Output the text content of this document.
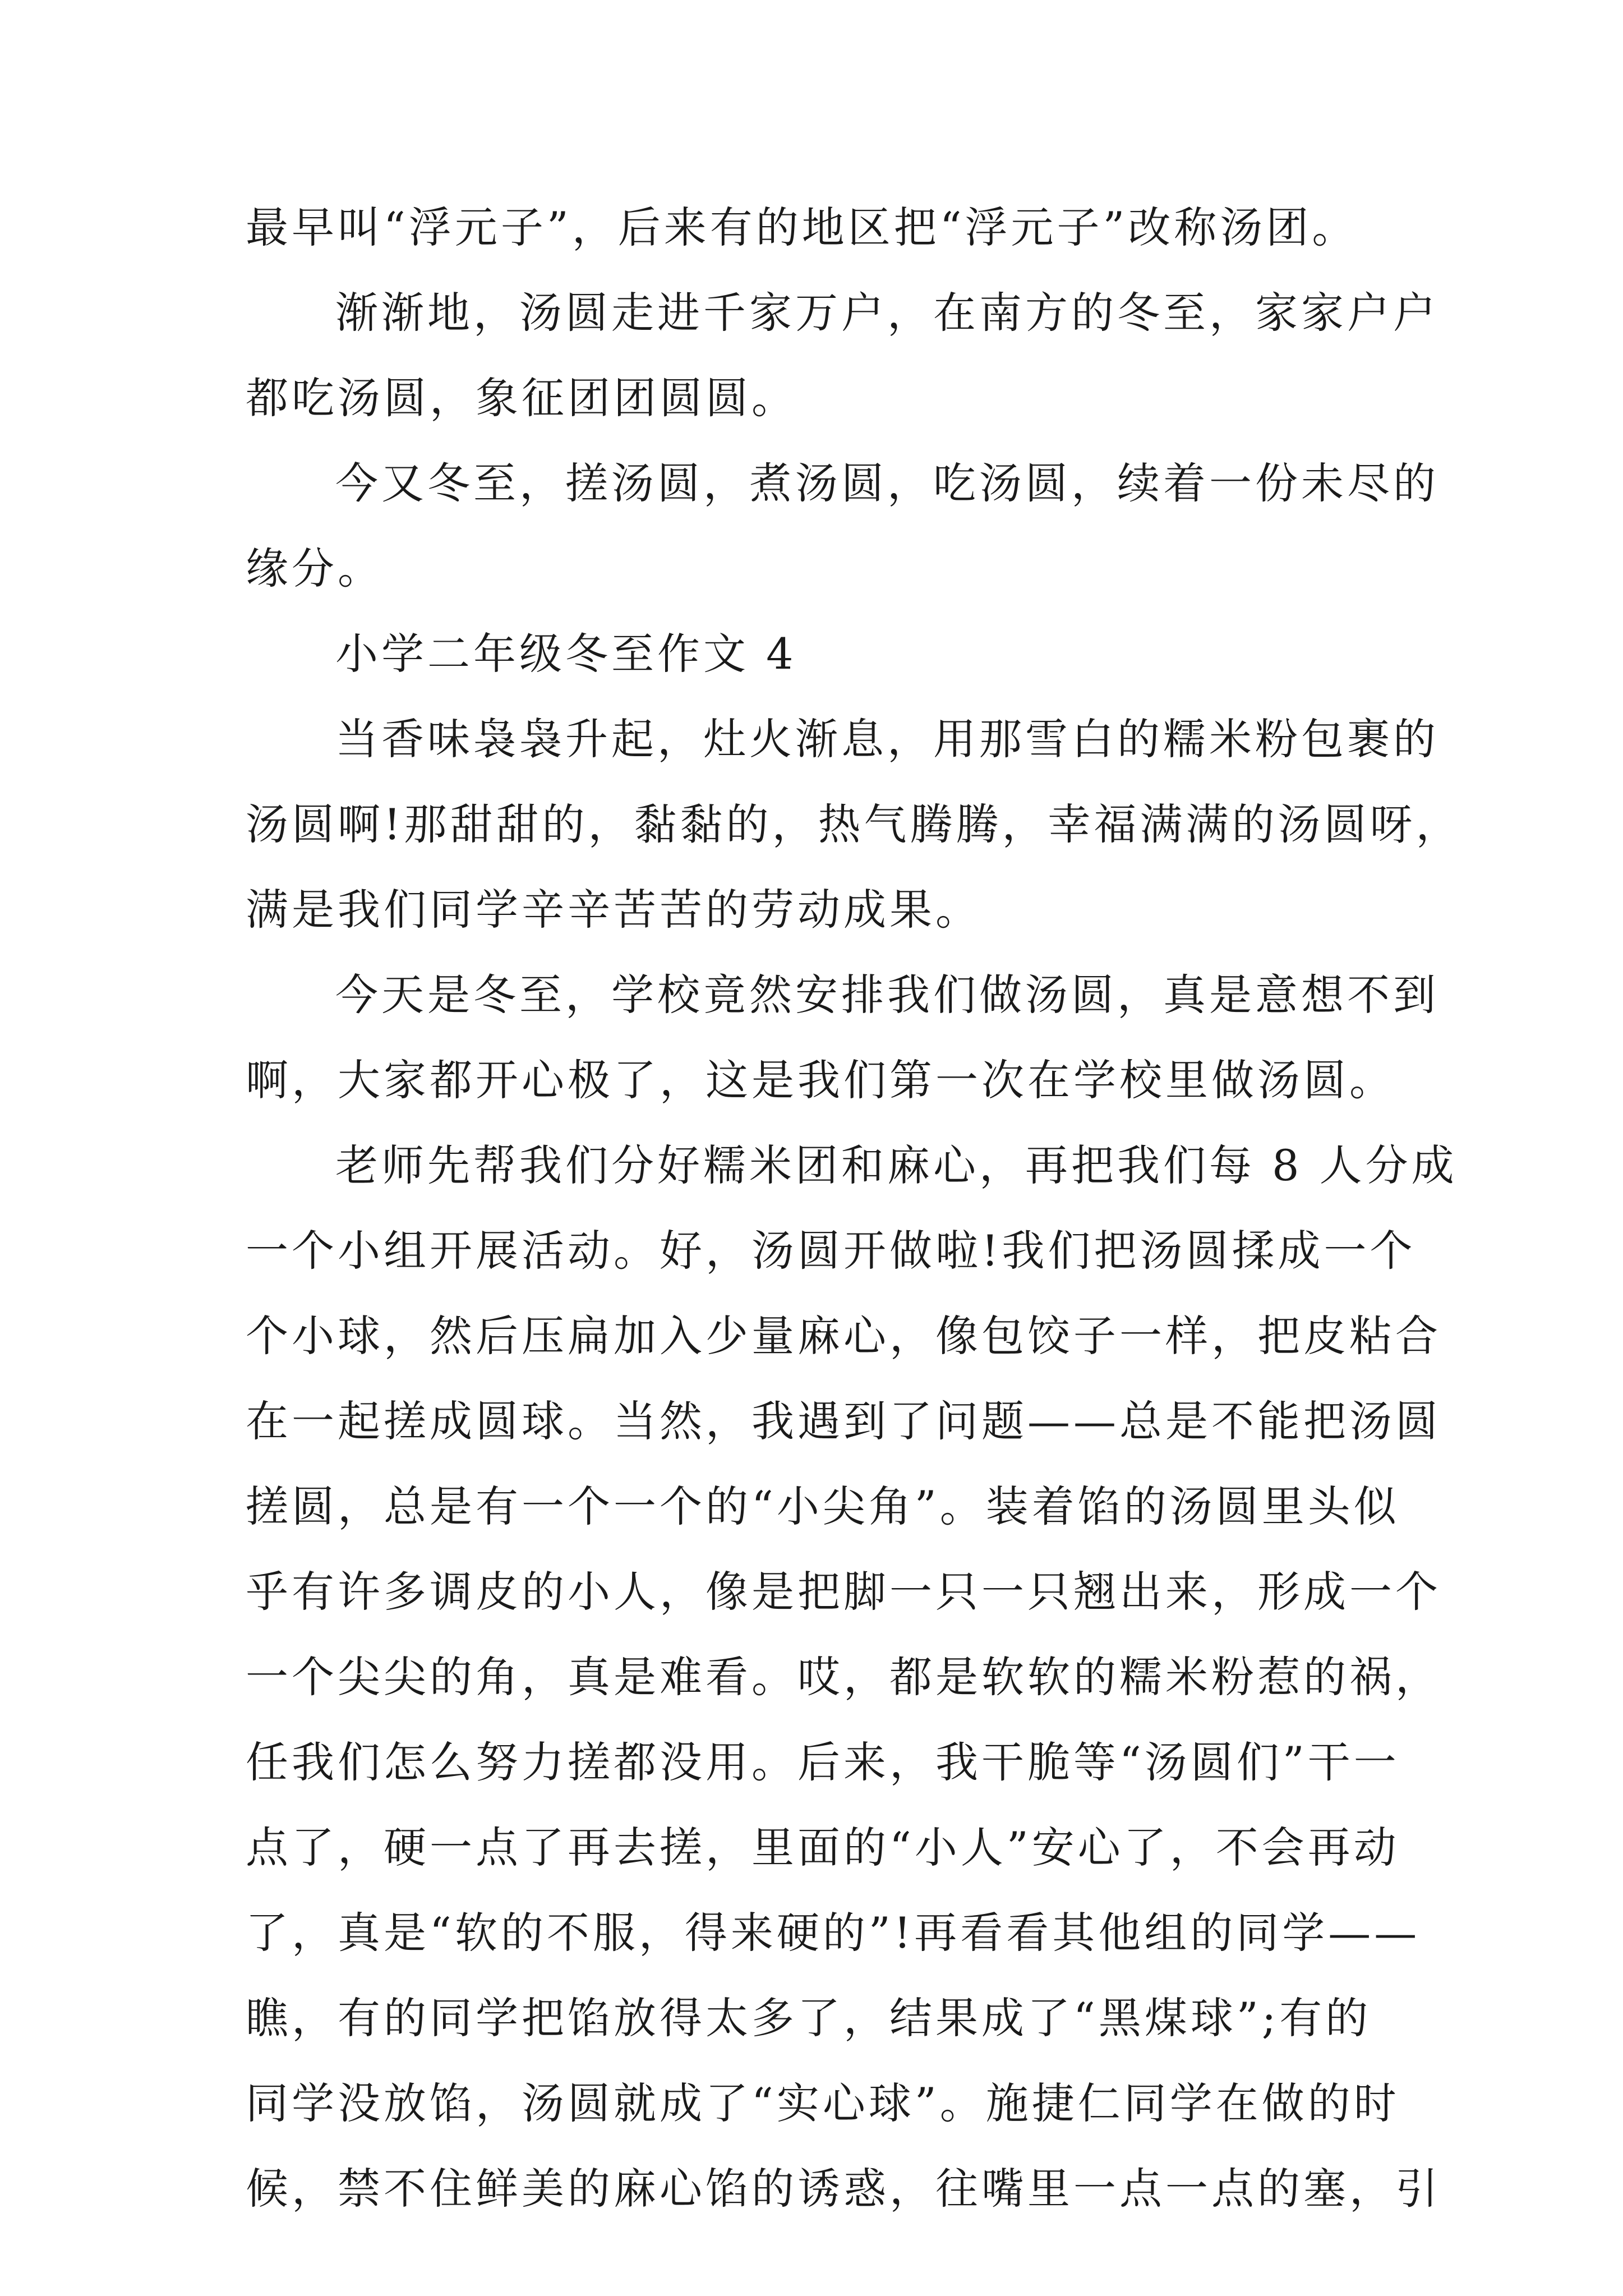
最早叫“浮元子”，后来有的地区把“浮元子”改称汤团。
渐渐地，汤圆走进千家万户，在南方的冬至，家家户户
都吃汤圆，象征团团圆圆。
今又冬至，搓汤圆，煮汤圆，吃汤圆，续着一份未尽的
缘分。
小学二年级冬至作文 4
当香味袅袅升起，灶火渐息，用那雪白的糯米粉包裹的
汤圆啊!那甜甜的，黏黏的，热气腾腾，幸福满满的汤圆呀，
满是我们同学辛辛苦苦的劳动成果。
今天是冬至，学校竟然安排我们做汤圆，真是意想不到
啊，大家都开心极了，这是我们第一次在学校里做汤圆。
老师先帮我们分好糯米团和麻心，再把我们每 8 人分成
一个小组开展活动。好，汤圆开做啦!我们把汤圆揉成一个
个小球，然后压扁加入少量麻心，像包饺子一样，把皮粘合
在一起搓成圆球。当然，我遇到了问题——总是不能把汤圆
搓圆，总是有一个一个的“小尖角”。装着馅的汤圆里头似
乎有许多调皮的小人，像是把脚一只一只翘出来，形成一个
一个尖尖的角，真是难看。哎，都是软软的糯米粉惹的祸，
任我们怎么努力搓都没用。后来，我干脆等“汤圆们”干一
点了，硬一点了再去搓，里面的“小人”安心了，不会再动
了，真是“软的不服，得来硬的”!再看看其他组的同学——
瞧，有的同学把馅放得太多了，结果成了“黑煤球”;有的
同学没放馅，汤圆就成了“实心球”。施捷仁同学在做的时
候，禁不住鲜美的麻心馅的诱惑，往嘴里一点一点的塞，引
